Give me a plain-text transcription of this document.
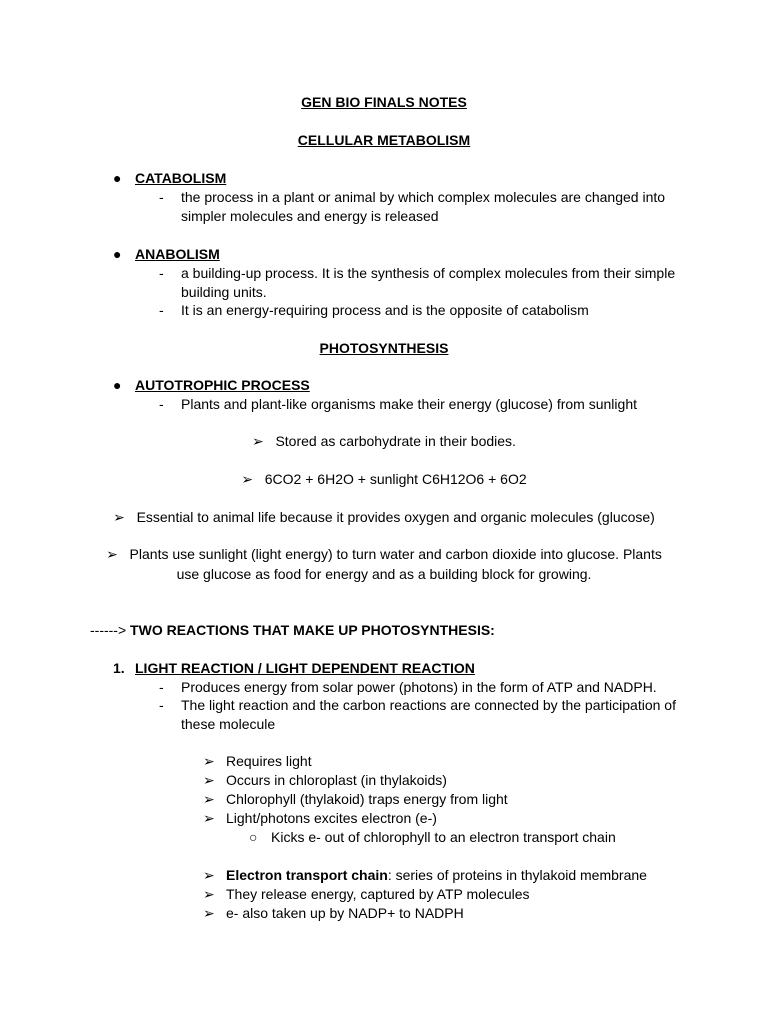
GEN BIO FINALS NOTES
CELLULAR METABOLISM
● CATABOLISM
- the process in a plant or animal by which complex molecules are changed into
simpler molecules and energy is released
● ANABOLISM
- a building-up process. It is the synthesis of complex molecules from their simple
building units.
- It is an energy-requiring process and is the opposite of catabolism
PHOTOSYNTHESIS
● AUTOTROPHIC PROCESS
- Plants and plant-like organisms make their energy (glucose) from sunlight
➢ Stored as carbohydrate in their bodies.
➢ 6CO2 + 6H2O + sunlight C6H12O6 + 6O2
➢ Essential to animal life because it provides oxygen and organic molecules (glucose)
➢ Plants use sunlight (light energy) to turn water and carbon dioxide into glucose. Plants
use glucose as food for energy and as a building block for growing.
------> TWO REACTIONS THAT MAKE UP PHOTOSYNTHESIS:
1. LIGHT REACTION / LIGHT DEPENDENT REACTION
- Produces energy from solar power (photons) in the form of ATP and NADPH.
- The light reaction and the carbon reactions are connected by the participation of
these molecule
➢ Requires light
➢ Occurs in chloroplast (in thylakoids)
➢ Chlorophyll (thylakoid) traps energy from light
➢ Light/photons excites electron (e-)
○ Kicks e- out of chlorophyll to an electron transport chain
➢ Electron transport chain: series of proteins in thylakoid membrane
➢ They release energy, captured by ATP molecules
➢ e- also taken up by NADP+ to NADPH
